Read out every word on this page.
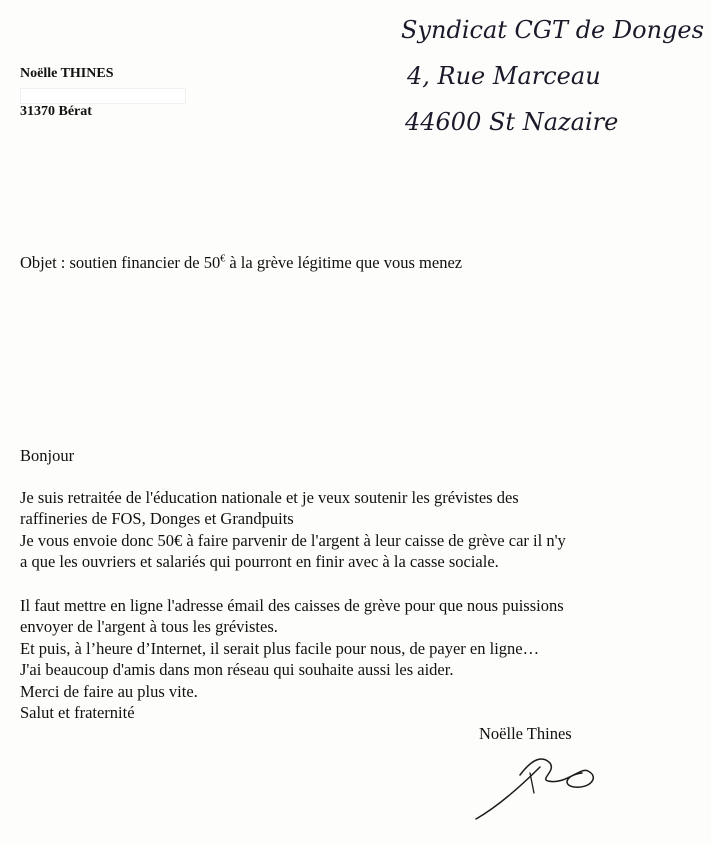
Noëlle THINES
31370 Bérat
Syndicat CGT de Donges
4, Rue Marceau
44600 St Nazaire
Objet : soutien financier de 50€ à la grève légitime que vous menez
Bonjour
Je suis retraitée de l'éducation nationale et je veux soutenir les grévistes des
raffineries de FOS, Donges et Grandpuits
Je vous envoie donc 50€ à faire parvenir de l'argent à leur caisse de grève car il n'y
a que les ouvriers et salariés qui pourront en finir avec à la casse sociale.
Il faut mettre en ligne l'adresse émail des caisses de grève pour que nous puissions
envoyer de l'argent à tous les grévistes.
Et puis, à l’heure d’Internet, il serait plus facile pour nous, de payer en ligne…
J'ai beaucoup d'amis dans mon réseau qui souhaite aussi les aider.
Merci de faire au plus vite.
Salut et fraternité
Noëlle Thines
